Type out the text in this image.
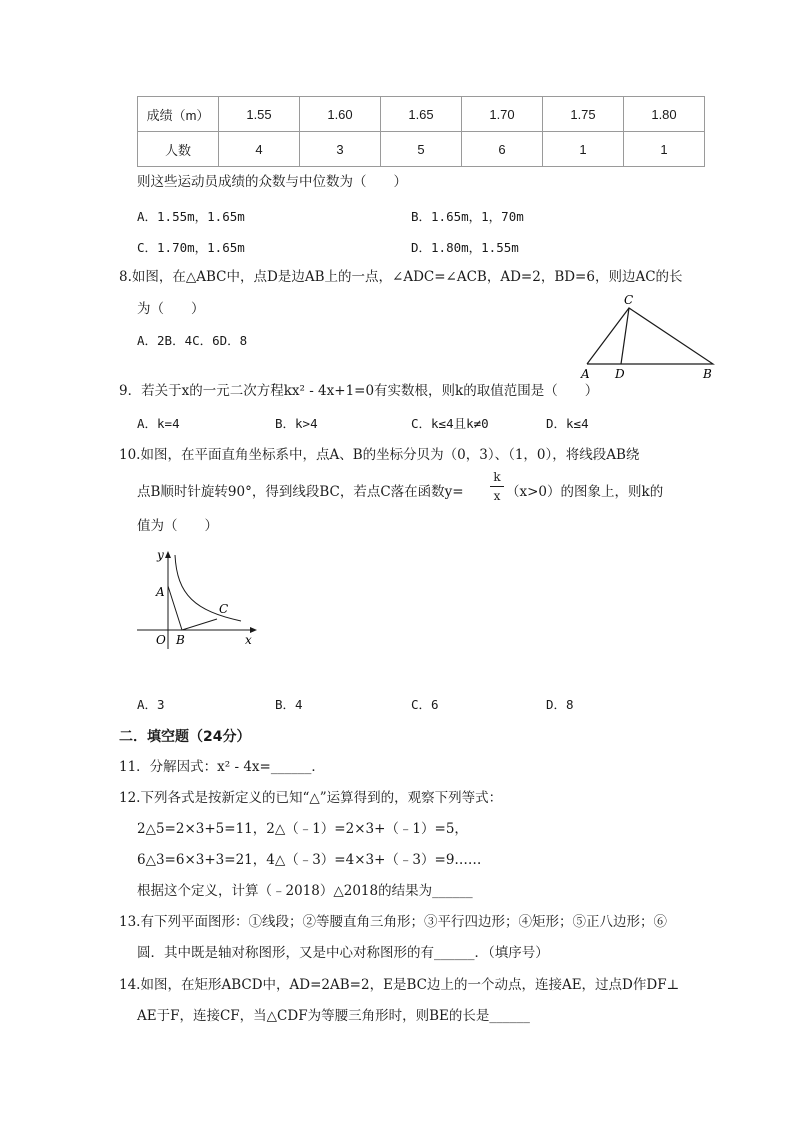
成绩（m）	1.55	1.60	1.65	1.70	1.75	1.80
人数	4	3	5	6	1	1
则这些运动员成绩的众数与中位数为（　　）
A．1.55m，1.65m	B．1.65m，1，70m
C．1.70m，1.65m	D．1.80m，1.55m
8.如图，在△ABC中，点D是边AB上的一点，∠ADC=∠ACB，AD=2，BD=6，则边AC的长
为（　　）
A．2B．4C．6D．8
A D	B
C
9．若关于x的一元二次方程kx² - 4x+1=0有实数根，则k的取值范围是（　　）
A．k=4	B．k>4	C．k≤4且k≠0	D．k≤4
10.如图，在平面直角坐标系中，点A、B的坐标分贝为（0，3）、（1，0），将线段AB绕
点B顺时针旋转90°，得到线段BC，若点C落在函数y=
k
x （x>0）的图象上，则k的
值为（　　）
y
A
C
O B	x
A．3	B．4	C．6	D．8
二．填空题（24分）
11．分解因式：x² - 4x=______．
12.下列各式是按新定义的已知“△”运算得到的，观察下列等式：
2△5=2×3+5=11，2△（﹣1）=2×3+（﹣1）=5，
6△3=6×3+3=21，4△（﹣3）=4×3+（﹣3）=9……
根据这个定义，计算（﹣2018）△2018的结果为______
13.有下列平面图形：①线段；②等腰直角三角形；③平行四边形；④矩形；⑤正八边形；⑥
圆．其中既是轴对称图形，又是中心对称图形的有______．（填序号）
14.如图，在矩形ABCD中，AD=2AB=2，E是BC边上的一个动点，连接AE，过点D作DF⊥
AE于F，连接CF，当△CDF为等腰三角形时，则BE的长是______
